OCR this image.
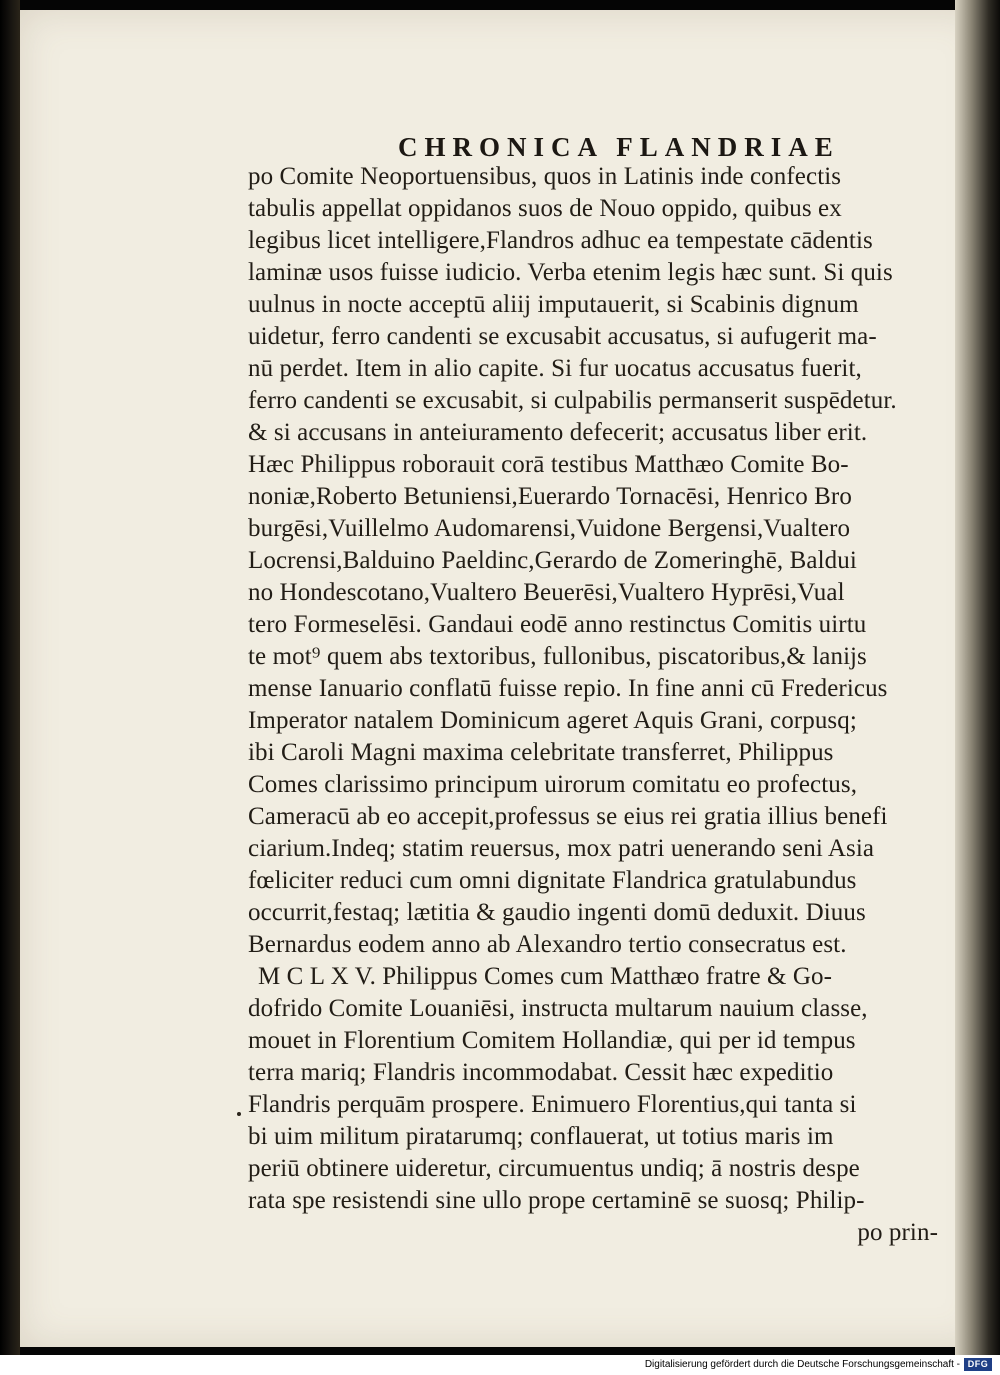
CHRONICA FLANDRIAE
po Comite Neoportuensibus, quos in Latinis inde confectis
tabulis appellat oppidanos suos de Nouo oppido, quibus ex
legibus licet intelligere,Flandros adhuc ea tempestate cādentis
laminæ usos fuisse iudicio. Verba etenim legis hæc sunt. Si quis
uulnus in nocte acceptū aliĳ imputauerit, si Scabinis dignum
uidetur, ferro candenti se excusabit accusatus, si aufugerit ma-
nū perdet. Item in alio capite. Si fur uocatus accusatus fuerit,
ferro candenti se excusabit, si culpabilis permanserit suspēdetur.
& si accusans in anteiuramento defecerit; accusatus liber erit.
Hæc Philippus roborauit corā testibus Matthæo Comite Bo-
noniæ,Roberto Betuniensi,Euerardo Tornacēsi, Henrico Bro
burgēsi,Vuillelmo Audomarensi,Vuidone Bergensi,Vualtero
Locrensi,Balduino Paeldinc,Gerardo de Zomeringhē, Baldui
no Hondescotano,Vualtero Beuerēsi,Vualtero Hyprēsi,Vual
tero Formeselēsi. Gandaui eodē anno restinctus Comitis uirtu
te mot⁹ quem abs textoribus, fullonibus, piscatoribus,& lanĳs
mense Ianuario conflatū fuisse repio. In fine anni cū Fredericus
Imperator natalem Dominicum ageret Aquis Grani, corpusq;
ibi Caroli Magni maxima celebritate transferret, Philippus
Comes clarissimo principum uirorum comitatu eo profectus,
Cameracū ab eo accepit,professus se eius rei gratia illius benefi
ciarium.Indeq; statim reuersus, mox patri uenerando seni Asia
fœliciter reduci cum omni dignitate Flandrica gratulabundus
occurrit,festaq; lætitia & gaudio ingenti domū deduxit. Diuus
Bernardus eodem anno ab Alexandro tertio consecratus est.
M C L X V. Philippus Comes cum Matthæo fratre & Go-
dofrido Comite Louaniēsi, instructa multarum nauium classe,
mouet in Florentium Comitem Hollandiæ, qui per id tempus
terra mariq; Flandris incommodabat. Cessit hæc expeditio
Flandris perquām prospere. Enimuero Florentius,qui tanta si
bi uim militum piratarumq; conflauerat, ut totius maris im
periū obtinere uideretur, circumuentus undiq; ā nostris despe
rata spe resistendi sine ullo prope certaminē se suosq; Philip-
po prin-
Digitalisierung gefördert durch die Deutsche Forschungsgemeinschaft - DFG
